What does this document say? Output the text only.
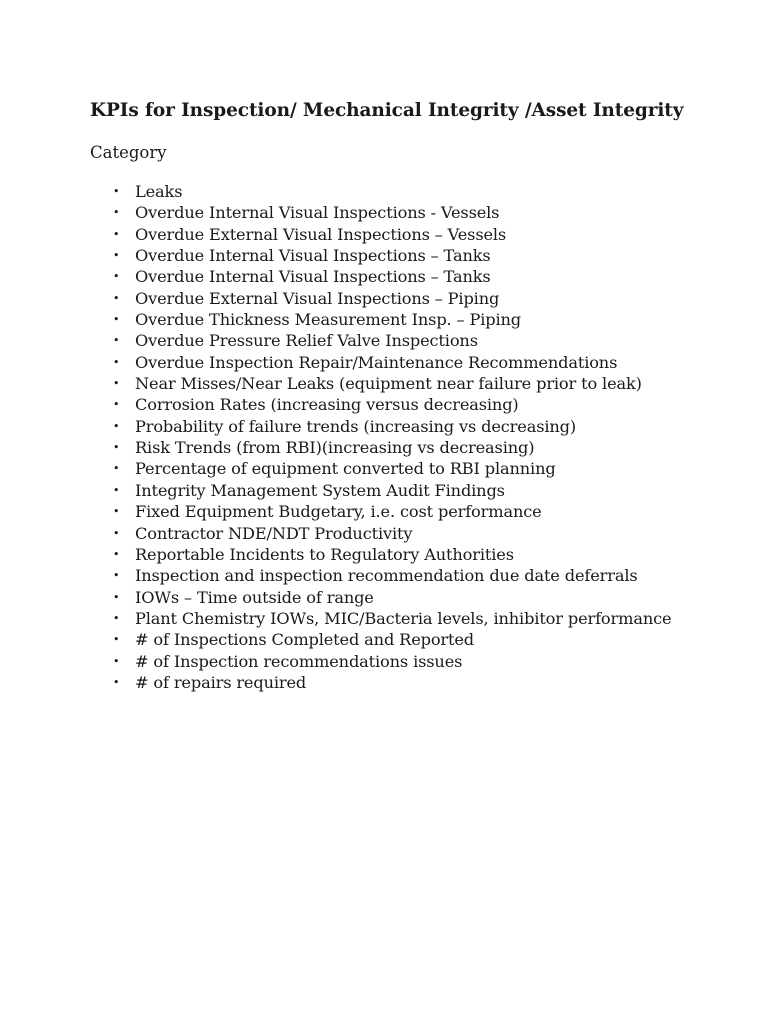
KPIs for Inspection/ Mechanical Integrity /Asset Integrity

Category

• Leaks
• Overdue Internal Visual Inspections - Vessels
• Overdue External Visual Inspections – Vessels
• Overdue Internal Visual Inspections – Tanks
• Overdue Internal Visual Inspections – Tanks
• Overdue External Visual Inspections – Piping
• Overdue Thickness Measurement Insp. – Piping
• Overdue Pressure Relief Valve Inspections
• Overdue Inspection Repair/Maintenance Recommendations
• Near Misses/Near Leaks (equipment near failure prior to leak)
• Corrosion Rates (increasing versus decreasing)
• Probability of failure trends (increasing vs decreasing)
• Risk Trends (from RBI)(increasing vs decreasing)
• Percentage of equipment converted to RBI planning
• Integrity Management System Audit Findings
• Fixed Equipment Budgetary, i.e. cost performance
• Contractor NDE/NDT Productivity
• Reportable Incidents to Regulatory Authorities
• Inspection and inspection recommendation due date deferrals
• IOWs – Time outside of range
• Plant Chemistry IOWs, MIC/Bacteria levels, inhibitor performance
• # of Inspections Completed and Reported
• # of Inspection recommendations issues
• # of repairs required
